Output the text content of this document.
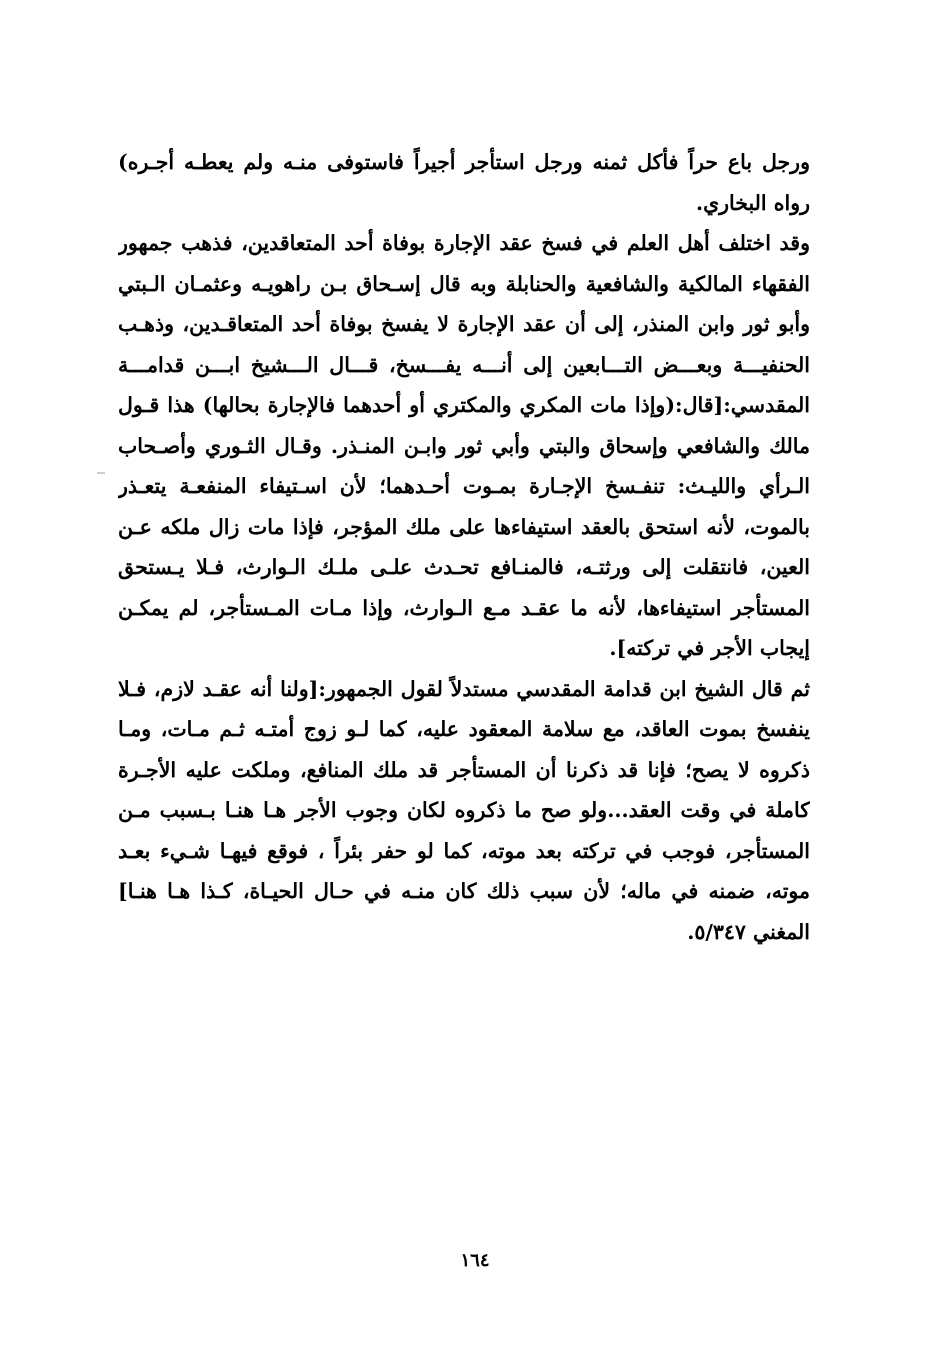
ورجل باع حراً فأكل ثمنه ورجل استأجر أجيراً فاستوفى منـه ولم يعطـه أجـره)
رواه البخاري.
وقد اختلف أهل العلم في فسخ عقد الإجارة بوفاة أحد المتعاقدين، فذهب جمهور
الفقهاء المالكية والشافعية والحنابلة وبه قال إسـحاق بـن راهويـه وعثمـان الـبتي
وأبو ثور وابن المنذر، إلى أن عقد الإجارة لا يفسخ بوفاة أحد المتعاقـدين، وذهـب
الحنفيـــة وبعـــض التـــابعين إلى أنـــه يفـــسخ، قـــال الـــشيخ ابـــن قدامـــة
المقدسي:[قال:(وإذا مات المكري والمكتري أو أحدهما فالإجارة بحالها) هذا قـول
مالك والشافعي وإسحاق والبتي وأبي ثور وابـن المنـذر. وقـال الثـوري وأصـحاب
الـرأي والليـث: تنفـسخ الإجـارة بمـوت أحـدهما؛ لأن اسـتيفاء المنفعـة يتعـذر
بالموت، لأنه استحق بالعقد استيفاءها على ملك المؤجر، فإذا مات زال ملكه عـن
العين، فانتقلت إلى ورثتـه، فالمنـافع تحـدث علـى ملـك الـوارث، فـلا يـستحق
المستأجر استيفاءها، لأنه ما عقـد مـع الـوارث، وإذا مـات المـستأجر، لم يمكـن
إيجاب الأجر في تركته].
ثم قال الشيخ ابن قدامة المقدسي مستدلاً لقول الجمهور:[ولنا أنه عقـد لازم، فـلا
ينفسخ بموت العاقد، مع سلامة المعقود عليه، كما لـو زوج أمتـه ثـم مـات، ومـا
ذكروه لا يصح؛ فإنا قد ذكرنا أن المستأجر قد ملك المنافع، وملكت عليه الأجـرة
كاملة في وقت العقد...ولو صح ما ذكروه لكان وجوب الأجر هـا هنـا بـسبب مـن
المستأجر، فوجب في تركته بعد موته، كما لو حفر بئراً ، فوقع فيهـا شـيء بعـد
موته، ضمنه في ماله؛ لأن سبب ذلك كان منـه في حـال الحيـاة، كـذا هـا هنـا]
المغني ٥/٣٤٧.
١٦٤
